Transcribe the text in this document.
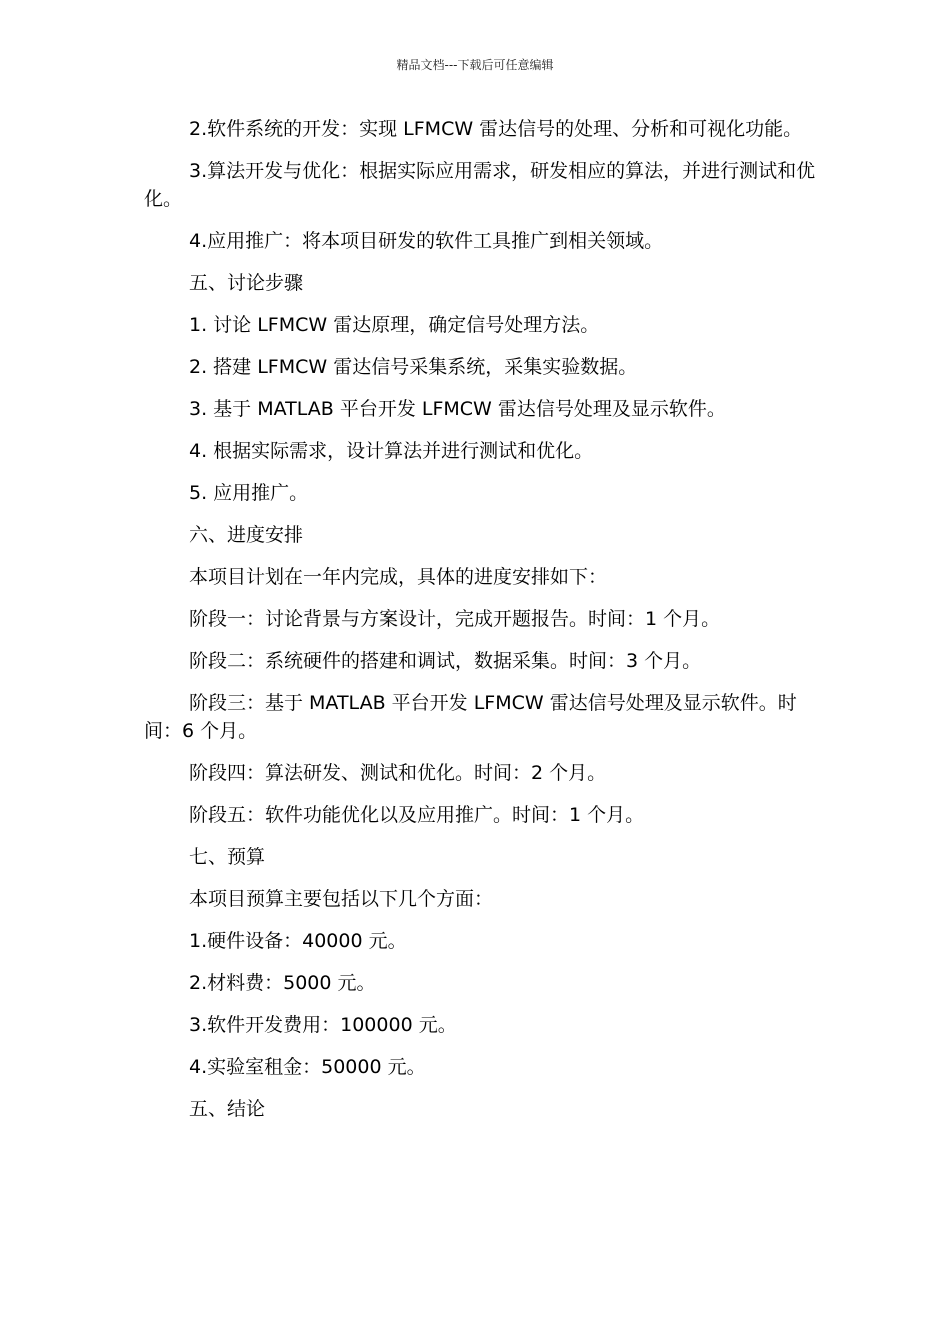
精品文档---下载后可任意编辑

2.软件系统的开发：实现 LFMCW 雷达信号的处理、分析和可视化功能。

3.算法开发与优化：根据实际应用需求，研发相应的算法，并进行测试和优化。

4.应用推广：将本项目研发的软件工具推广到相关领域。

五、讨论步骤

1. 讨论 LFMCW 雷达原理，确定信号处理方法。

2. 搭建 LFMCW 雷达信号采集系统，采集实验数据。

3. 基于 MATLAB 平台开发 LFMCW 雷达信号处理及显示软件。

4. 根据实际需求，设计算法并进行测试和优化。

5. 应用推广。

六、进度安排

本项目计划在一年内完成，具体的进度安排如下：

阶段一：讨论背景与方案设计，完成开题报告。时间：1 个月。

阶段二：系统硬件的搭建和调试，数据采集。时间：3 个月。

阶段三：基于 MATLAB 平台开发 LFMCW 雷达信号处理及显示软件。时间：6 个月。

阶段四：算法研发、测试和优化。时间：2 个月。

阶段五：软件功能优化以及应用推广。时间：1 个月。

七、预算

本项目预算主要包括以下几个方面：

1.硬件设备：40000 元。

2.材料费：5000 元。

3.软件开发费用：100000 元。

4.实验室租金：50000 元。

五、结论
